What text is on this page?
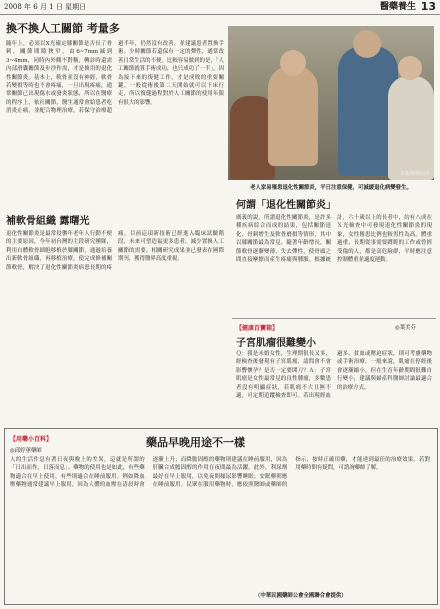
2008 年 6 月 1 日 星期日	醫藥養生 13
換不換人工關節 考量多

隨年上，必須以X光確定膝關節是否長了骨刺，關節間隙狹窄，由6~7mm減到3~4mm，同時內外側不對稱，轉診時還需內部滑囊關節及步沙作需，才是換用的退化性關節炎。基本上，軟骨並沒有神經，軟骨若變損等時也不會疼痛，一旦出現疼痛，通常關節已出現傷水或發炎狀態，所以在醫療的程序上，依社關節，醫生通常會給患者吃消炎止痛，並配合物理治療，若保守治療超過半年，仍然沒有改善，並建議患者置換手術。少時關節若還保有一定的彈性，通常改善日常生活的不便。比較容易做到的是，「人工關節就算手術成功，也只成功了一半」，因為接下來的復健工作，才是成敗的重要關鍵。一般從術後第二天開始就可以下床行走，所以復健過程對於人工關節的使用年限有很大的影響。

補軟骨組織 露曙光

退化性關節炎是最常侵襲年老年人行動不便的主要原因，今年初台灣的主段研究團隊，利用自體軟骨細胞移植於膝關節，通過培養出新軟骨組織，再移植治療，使完成修補關節軟骨，解決了退化性關節炎病患長期的疼痛。目前這項新技術已經進入臨床試驗階段，未來可望造福更多患者，減少置換人工關節的需要。相關研究成果並已發表在國際期刊，獲得醫界高度重視。

本報資料照片

老人家易罹患退化性關節炎，平日注意保健，可減緩退化病變發生。

何謂「退化性關節炎」

廣義的說，所謂退化性關節炎，是許多種疾病綜合而成的結果，包括關節退化、骨刺增生及軟骨磨損等情形，其中以膝關節最為常見。隨著年齡增長，關節軟骨逐漸變薄、失去彈性，使骨頭之間直接摩擦而產生疼痛與腫脹。根據統計，六十歲以上的長者中，約有八成在Ｘ光檢查中可發現退化性關節炎的現象，女性罹患比例也較男性為高。體重過重、長期從事需要蹲跪的工作或曾經受傷的人，都是高危險群，平時應注意控制體重並適度運動。

【健康百寶箱】	◎葉美芬

子宮肌瘤很難變小

Ｑ：我是未婚女性，生理期很長又多，經檢查後發現有子宮肌瘤，請問會不會影響懷孕？是否一定要開刀？Ａ：子宮肌瘤是女性最常見的良性腫瘤，多數患者沒有明顯症狀，若肌瘤不大且無不適，可定期追蹤檢查即可。若出現經血過多、貧血或壓迫症狀，則可考慮藥物或手術治療。一般來說，肌瘤在停經後會逐漸縮小，但在生育年齡期間很難自行變小，建議與婦產科醫師討論最適合的治療方式。

【用藥小百科】

◎邱婷蕙藥師

藥品早晚用途不一樣

人的生活作息有著日夜與晚上的差異，這就是所謂的「日出而作，日落而息」。藥物的使用也是如此，有些藥物適合在早上使用，有些則適合在睡前服用。例如降血壓藥物通常建議早上服用，因為人體的血壓在清晨時會逐漸上升；而降膽固醇的藥物則建議在睡前服用，因為肝臟合成膽固醇的作用在夜間最為活躍。此外，利尿劑最好在早上服用，以免夜間頻尿影響睡眠；安眠藥則應在睡前服用。民眾在服用藥物時，應依照醫師或藥師的指示，按時正確用藥，才能達到最佳的治療效果。若對用藥時間有疑問，可諮詢藥師了解。

（中華民國藥師公會全國聯合會提供）
